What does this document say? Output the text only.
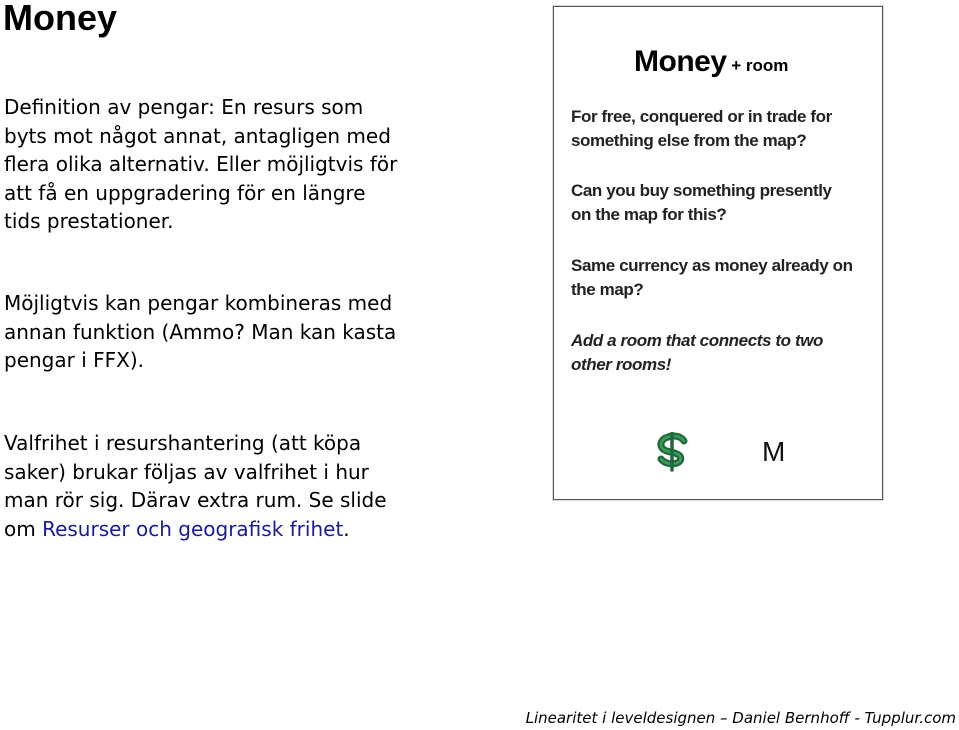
Money

Definition av pengar: En resurs som
byts mot något annat, antagligen med
flera olika alternativ. Eller möjligtvis för
att få en uppgradering för en längre
tids prestationer.

Möjligtvis kan pengar kombineras med
annan funktion (Ammo? Man kan kasta
pengar i FFX).

Valfrihet i resurshantering (att köpa
saker) brukar följas av valfrihet i hur
man rör sig. Därav extra rum. Se slide
om Resurser och geografisk frihet.

Money + room

For free, conquered or in trade for
something else from the map?

Can you buy something presently
on the map for this?

Same currency as money already on
the map?

Add a room that connects to two
other rooms!

M

Linearitet i leveldesignen – Daniel Bernhoff - Tupplur.com
